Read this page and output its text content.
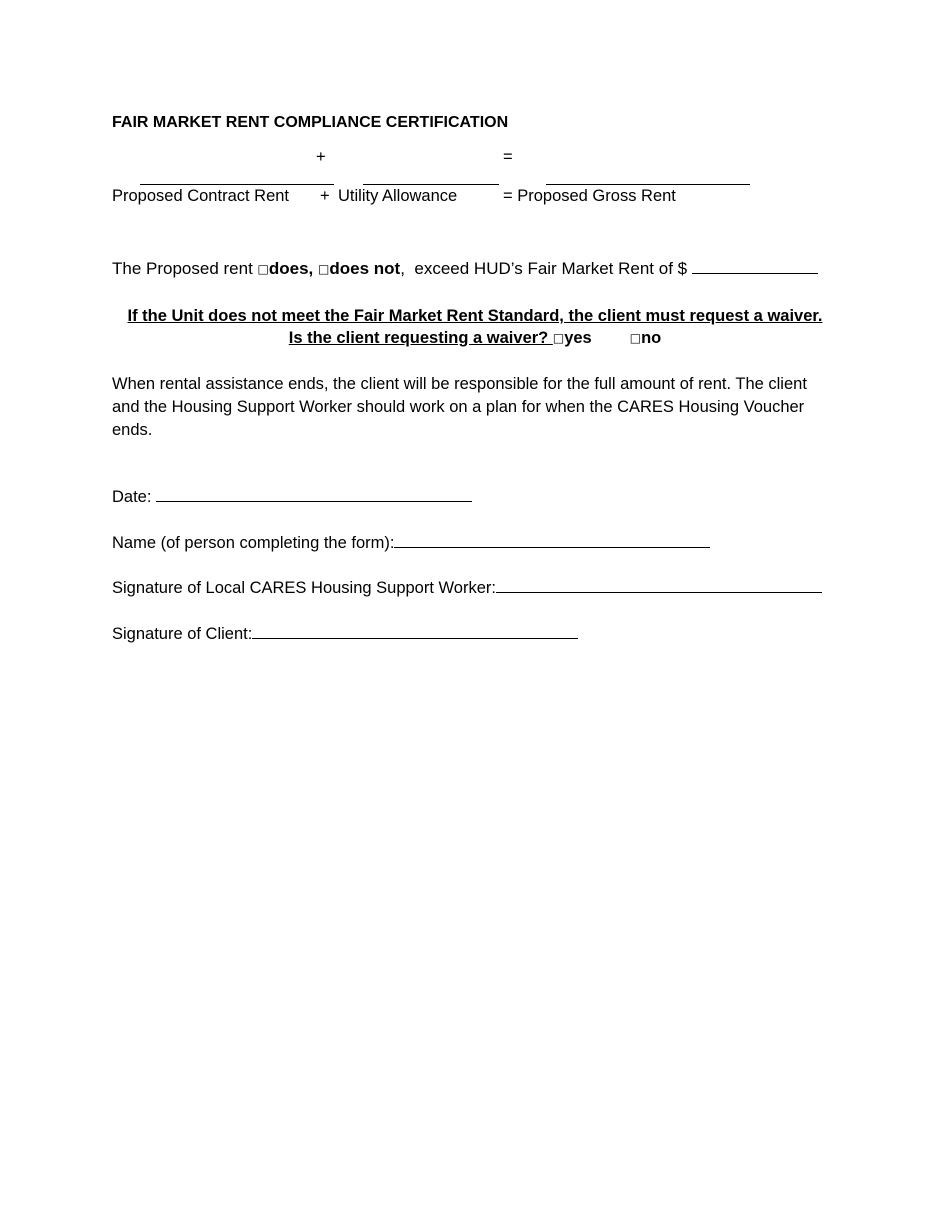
FAIR MARKET RENT COMPLIANCE CERTIFICATION

+

	=

Proposed Contract Rent

+

Utility Allowance

	= Proposed Gross Rent

The Proposed rent □does, □does not,  exceed HUD’s Fair Market Rent of $
If the Unit does not meet the Fair Market Rent Standard, the client must request a waiver.
Is the client requesting a waiver? □yes	□no
When rental assistance ends, the client will be responsible for the full amount of rent. The client and the Housing Support Worker should work on a plan for when the CARES Housing Voucher ends.
Date:
Name (of person completing the form):
Signature of Local CARES Housing Support Worker:
Signature of Client:
